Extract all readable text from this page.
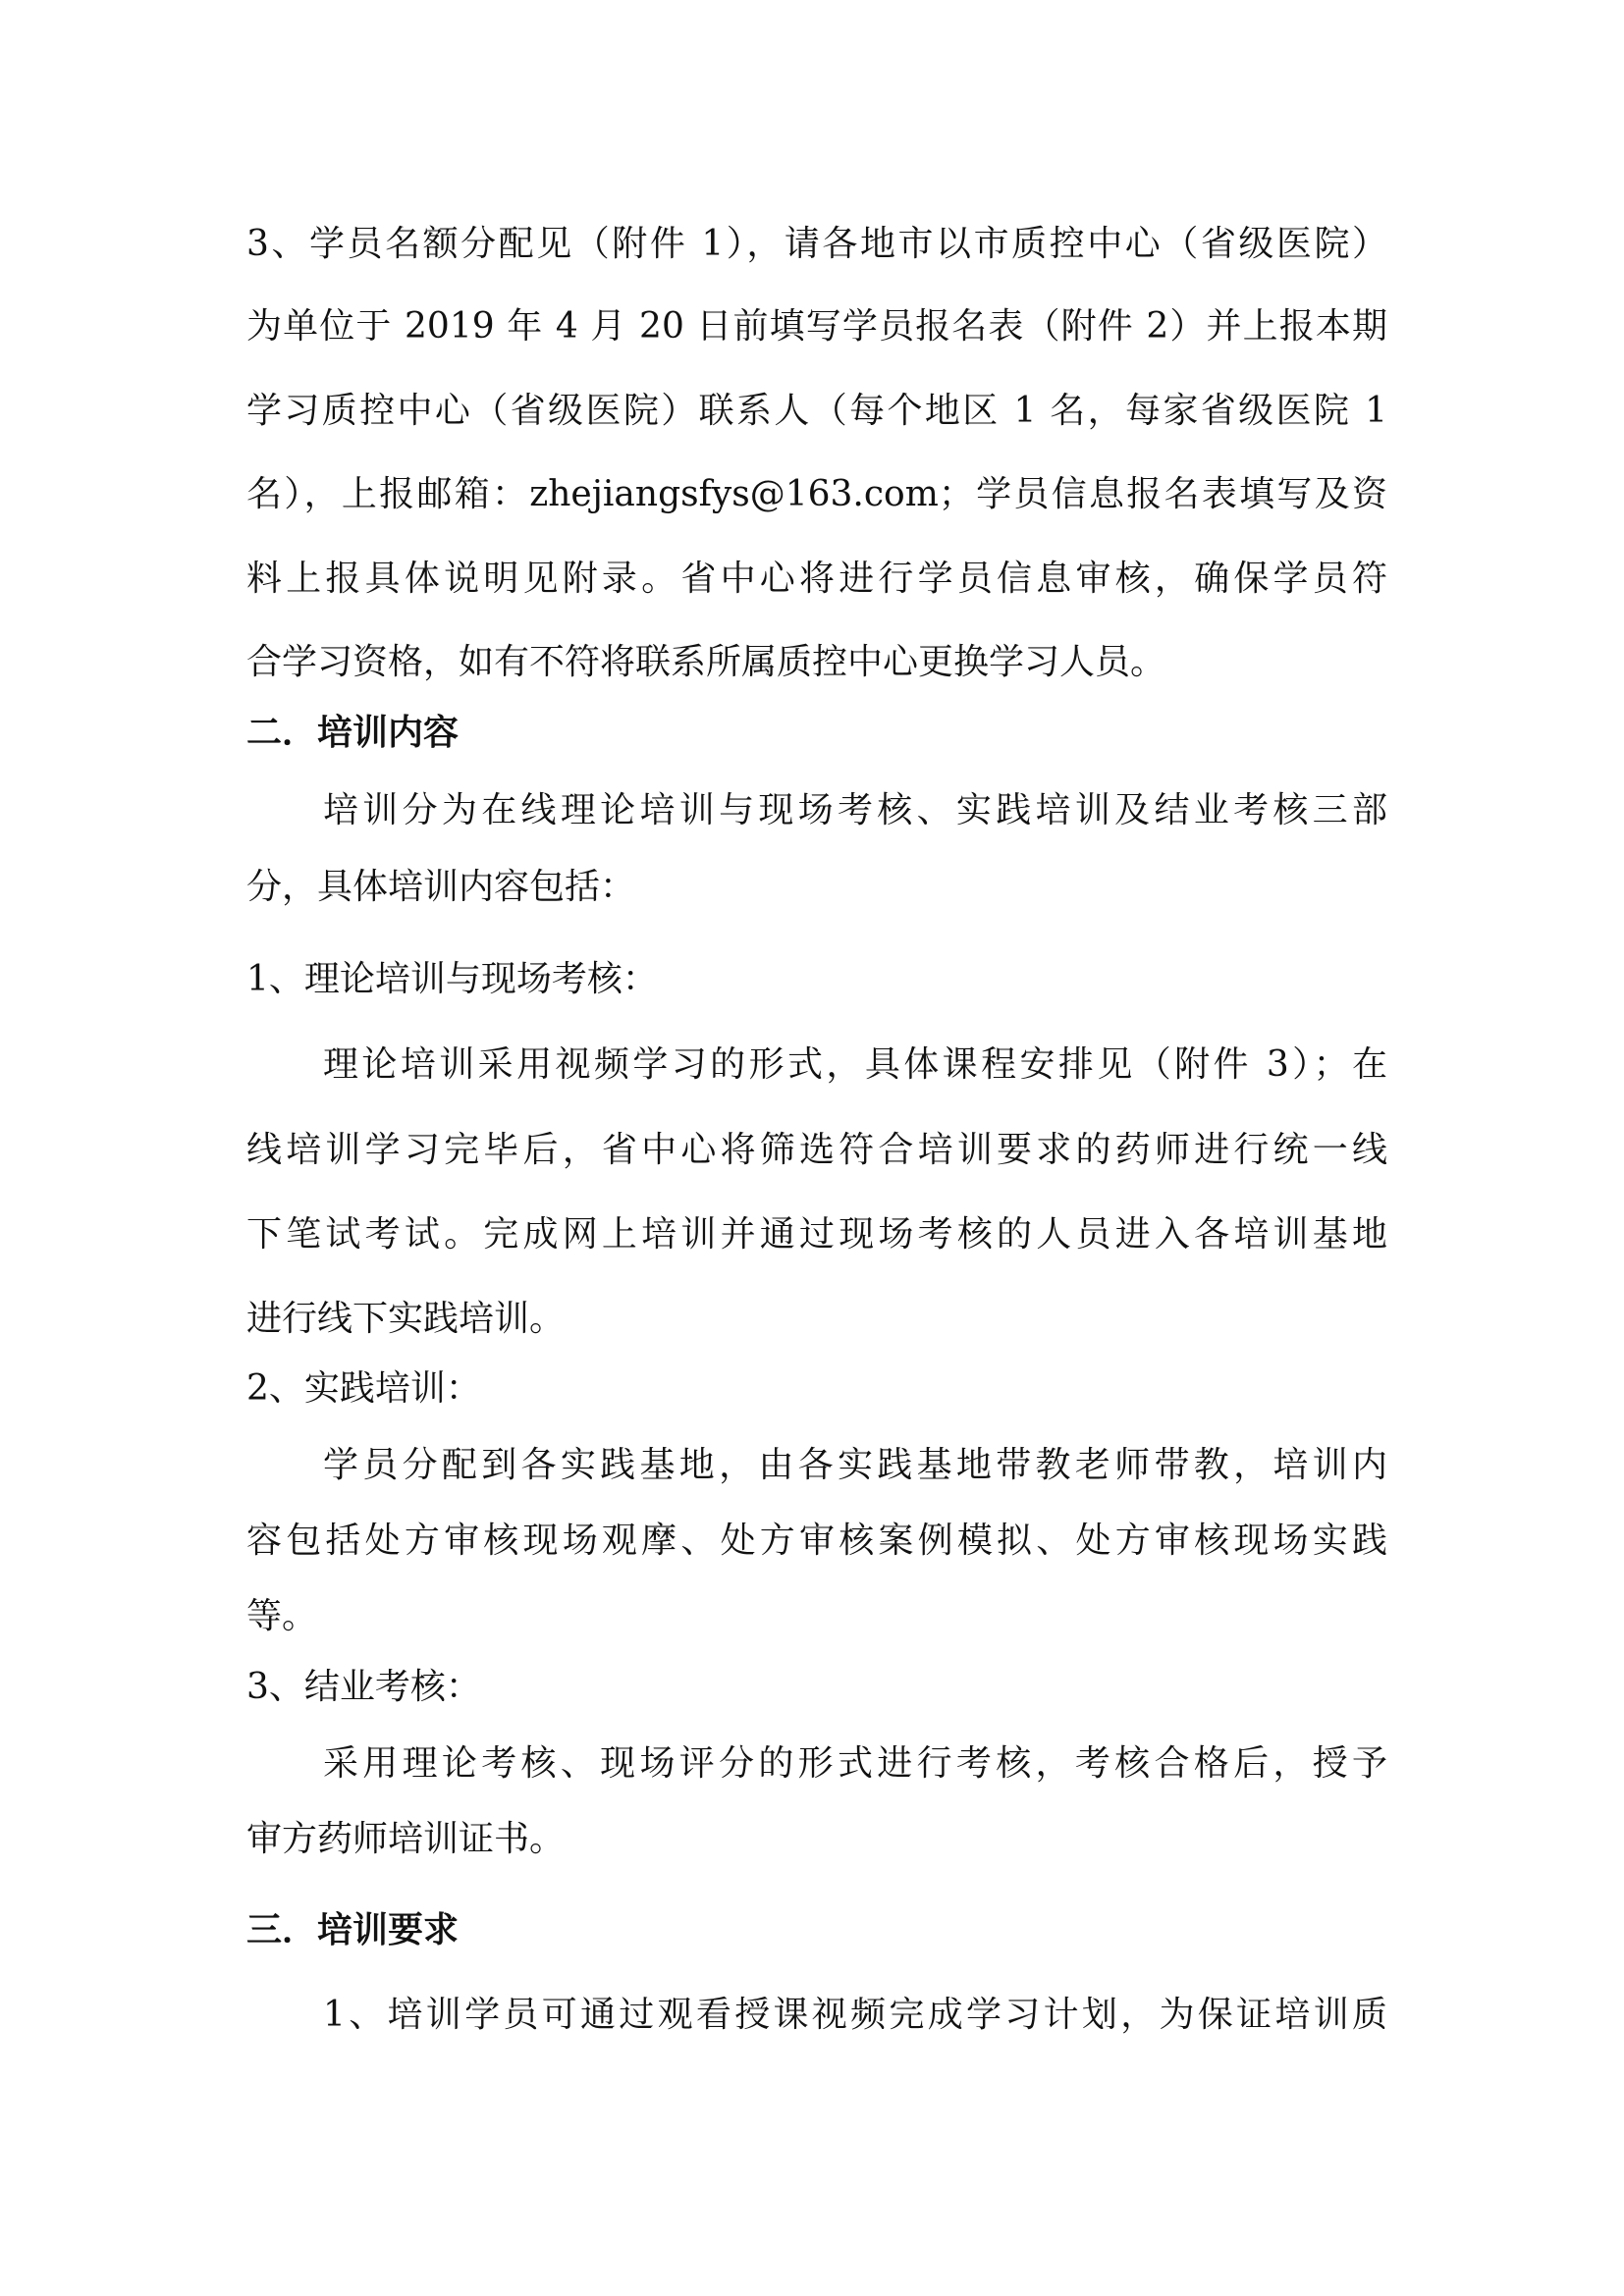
3、学员名额分配见（附件 1），请各地市以市质控中心（省级医院）

为单位于 2019 年 4 月 20 日前填写学员报名表（附件 2）并上报本期

学习质控中心（省级医院）联系人（每个地区 1 名，每家省级医院 1

名），上报邮箱：zhejiangsfys@163.com；学员信息报名表填写及资

料上报具体说明见附录。省中心将进行学员信息审核，确保学员符

合学习资格，如有不符将联系所属质控中心更换学习人员。

二．培训内容

培训分为在线理论培训与现场考核、实践培训及结业考核三部

分，具体培训内容包括：

1、理论培训与现场考核：

理论培训采用视频学习的形式，具体课程安排见（附件 3）；在

线培训学习完毕后，省中心将筛选符合培训要求的药师进行统一线

下笔试考试。完成网上培训并通过现场考核的人员进入各培训基地

进行线下实践培训。

2、实践培训：

学员分配到各实践基地，由各实践基地带教老师带教，培训内

容包括处方审核现场观摩、处方审核案例模拟、处方审核现场实践

等。

3、结业考核：

采用理论考核、现场评分的形式进行考核，考核合格后，授予

审方药师培训证书。

三．培训要求

1、培训学员可通过观看授课视频完成学习计划，为保证培训质
